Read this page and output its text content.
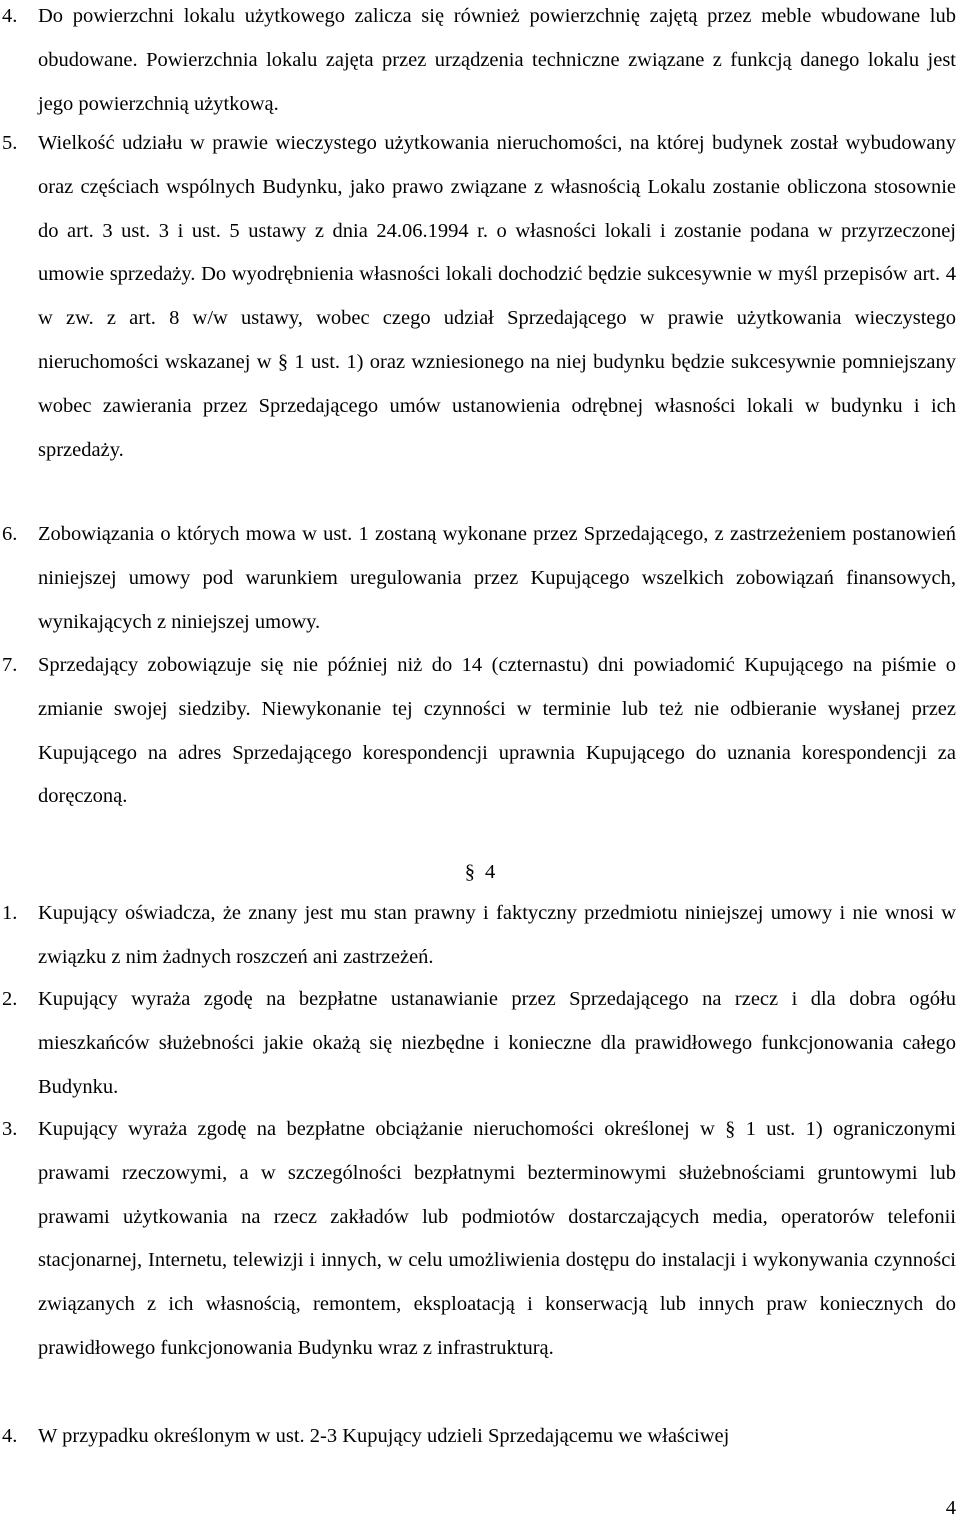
4.	Do powierzchni lokalu użytkowego zalicza się również powierzchnię zajętą przez meble wbudowane lub obudowane. Powierzchnia lokalu zajęta przez urządzenia techniczne związane z funkcją danego lokalu jest jego powierzchnią użytkową.
5.	Wielkość udziału w prawie wieczystego użytkowania nieruchomości, na której budynek został wybudowany oraz częściach wspólnych Budynku, jako prawo związane z własnością Lokalu zostanie obliczona stosownie do art. 3 ust. 3 i ust. 5 ustawy z dnia 24.06.1994 r. o własności lokali i zostanie podana w przyrzeczonej umowie sprzedaży. Do wyodrębnienia własności lokali dochodzić będzie sukcesywnie w myśl przepisów art. 4 w zw. z art. 8 w/w ustawy, wobec czego udział Sprzedającego w prawie użytkowania wieczystego nieruchomości wskazanej w § 1 ust. 1) oraz wzniesionego na niej budynku będzie sukcesywnie pomniejszany wobec zawierania przez Sprzedającego umów ustanowienia odrębnej własności lokali w budynku i ich sprzedaży.
6.	Zobowiązania o których mowa w ust. 1 zostaną wykonane przez Sprzedającego, z zastrzeżeniem postanowień niniejszej umowy pod warunkiem uregulowania przez Kupującego wszelkich zobowiązań finansowych, wynikających z niniejszej umowy.
7.	Sprzedający zobowiązuje się nie później niż do 14 (czternastu) dni powiadomić Kupującego na piśmie o zmianie swojej siedziby. Niewykonanie tej czynności w terminie lub też nie odbieranie wysłanej przez Kupującego na adres Sprzedającego korespondencji uprawnia Kupującego do uznania korespondencji za doręczoną.
§ 4
1.	Kupujący oświadcza, że znany jest mu stan prawny i faktyczny przedmiotu niniejszej umowy i nie wnosi w związku z nim żadnych roszczeń ani zastrzeżeń.
2.	Kupujący wyraża zgodę na bezpłatne ustanawianie przez Sprzedającego na rzecz i dla dobra ogółu mieszkańców służebności jakie okażą się niezbędne i konieczne dla prawidłowego funkcjonowania całego Budynku.
3.	Kupujący wyraża zgodę na bezpłatne obciążanie nieruchomości określonej w § 1 ust. 1) ograniczonymi prawami rzeczowymi, a w szczególności bezpłatnymi bezterminowymi służebnościami gruntowymi lub prawami użytkowania na rzecz zakładów lub podmiotów dostarczających media, operatorów telefonii stacjonarnej, Internetu, telewizji i innych, w celu umożliwienia dostępu do instalacji i wykonywania czynności związanych z ich własnością, remontem, eksploatacją i konserwacją lub innych praw koniecznych do prawidłowego funkcjonowania Budynku wraz z infrastrukturą.
4.	W przypadku określonym w ust. 2-3 Kupujący udzieli Sprzedającemu we właściwej
4
